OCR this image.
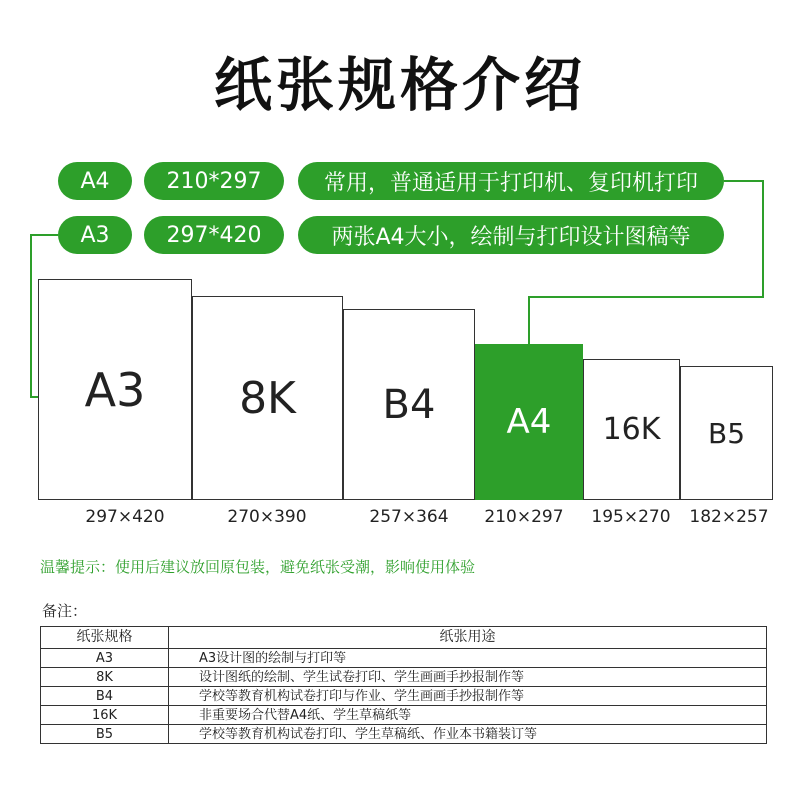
纸张规格介绍
A4	210*297	常用，普通适用于打印机、复印机打印
A3	297*420	两张A4大小，绘制与打印设计图稿等
A3 8K B4 A4 16K B5
297×420	270×390	257×364	210×297	195×270	182×257
温馨提示：使用后建议放回原包装，避免纸张受潮，影响使用体验
备注：
纸张规格	纸张用途
A3	A3设计图的绘制与打印等
8K	设计图纸的绘制、学生试卷打印、学生画画手抄报制作等
B4	学校等教育机构试卷打印与作业、学生画画手抄报制作等
16K	非重要场合代替A4纸、学生草稿纸等
B5	学校等教育机构试卷打印、学生草稿纸、作业本书籍装订等
